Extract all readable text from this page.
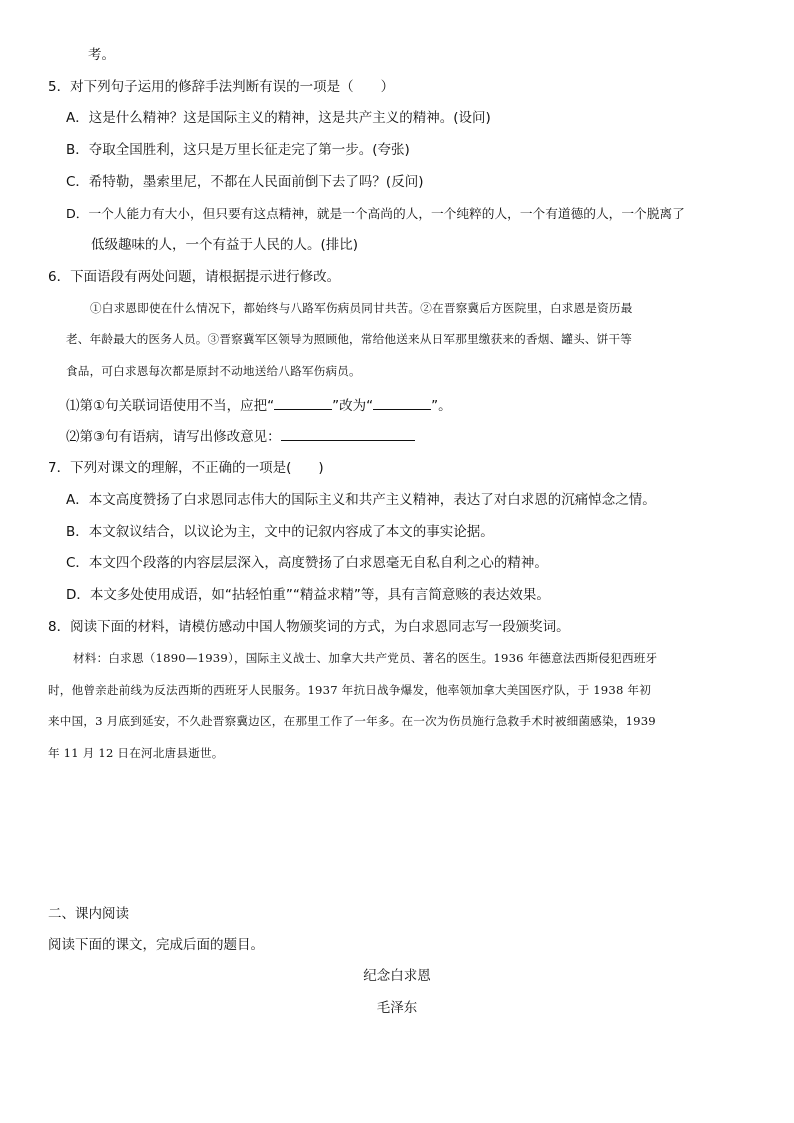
考。
5．对下列句子运用的修辞手法判断有误的一项是（　　）
A．这是什么精神？这是国际主义的精神，这是共产主义的精神。(设问)
B．夺取全国胜利，这只是万里长征走完了第一步。(夸张)
C．希特勒，墨索里尼，不都在人民面前倒下去了吗？(反问)
D．一个人能力有大小，但只要有这点精神，就是一个高尚的人，一个纯粹的人，一个有道德的人，一个脱离了
低级趣味的人，一个有益于人民的人。(排比)
6．下面语段有两处问题，请根据提示进行修改。
①白求恩即使在什么情况下，都始终与八路军伤病员同甘共苦。②在晋察冀后方医院里，白求恩是资历最
老、年龄最大的医务人员。③晋察冀军区领导为照顾他，常给他送来从日军那里缴获来的香烟、罐头、饼干等
食品，可白求恩每次都是原封不动地送给八路军伤病员。
⑴第①句关联词语使用不当，应把“	”改为“	”。
⑵第③句有语病，请写出修改意见：
7．下列对课文的理解，不正确的一项是(　　)
A．本文高度赞扬了白求恩同志伟大的国际主义和共产主义精神，表达了对白求恩的沉痛悼念之情。
B．本文叙议结合，以议论为主，文中的记叙内容成了本文的事实论据。
C．本文四个段落的内容层层深入，高度赞扬了白求恩毫无自私自利之心的精神。
D．本文多处使用成语，如“拈轻怕重”“精益求精”等，具有言简意赅的表达效果。
8．阅读下面的材料，请模仿感动中国人物颁奖词的方式，为白求恩同志写一段颁奖词。
材料：白求恩（1890—1939），国际主义战士、加拿大共产党员、著名的医生。1936 年德意法西斯侵犯西班牙
时，他曾亲赴前线为反法西斯的西班牙人民服务。1937 年抗日战争爆发，他率领加拿大美国医疗队，于 1938 年初
来中国，3 月底到延安，不久赴晋察冀边区，在那里工作了一年多。在一次为伤员施行急救手术时被细菌感染，1939
年 11 月 12 日在河北唐县逝世。
二、课内阅读
阅读下面的课文，完成后面的题目。
纪念白求恩
毛泽东
